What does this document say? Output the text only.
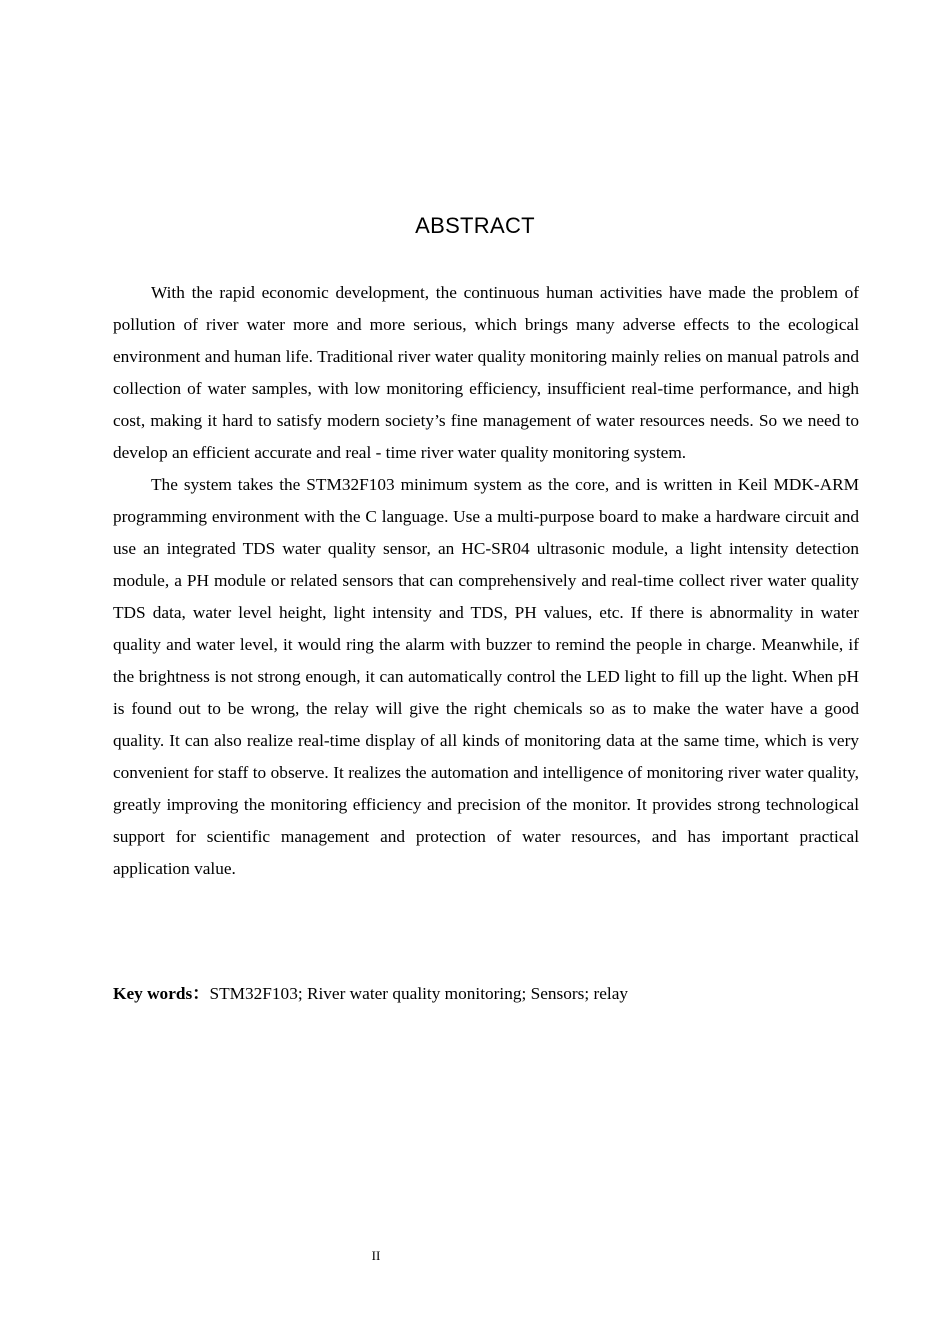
ABSTRACT

With the rapid economic development, the continuous human activities have made the problem of pollution of river water more and more serious, which brings many adverse effects to the ecological environment and human life. Traditional river water quality monitoring mainly relies on manual patrols and collection of water samples, with low monitoring efficiency, insufficient real-time performance, and high cost, making it hard to satisfy modern society’s fine management of water resources needs. So we need to develop an efficient accurate and real - time river water quality monitoring system.

The system takes the STM32F103 minimum system as the core, and is written in Keil MDK-ARM programming environment with the C language. Use a multi-purpose board to make a hardware circuit and use an integrated TDS water quality sensor, an HC-SR04 ultrasonic module, a light intensity detection module, a PH module or related sensors that can comprehensively and real-time collect river water quality TDS data, water level height, light intensity and TDS, PH values, etc. If there is abnormality in water quality and water level, it would ring the alarm with buzzer to remind the people in charge. Meanwhile, if the brightness is not strong enough, it can automatically control the LED light to fill up the light. When pH is found out to be wrong, the relay will give the right chemicals so as to make the water have a good quality. It can also realize real-time display of all kinds of monitoring data at the same time, which is very convenient for staff to observe. It realizes the automation and intelligence of monitoring river water quality, greatly improving the monitoring efficiency and precision of the monitor. It provides strong technological support for scientific management and protection of water resources, and has important practical application value.

Key words：STM32F103; River water quality monitoring; Sensors; relay

II
